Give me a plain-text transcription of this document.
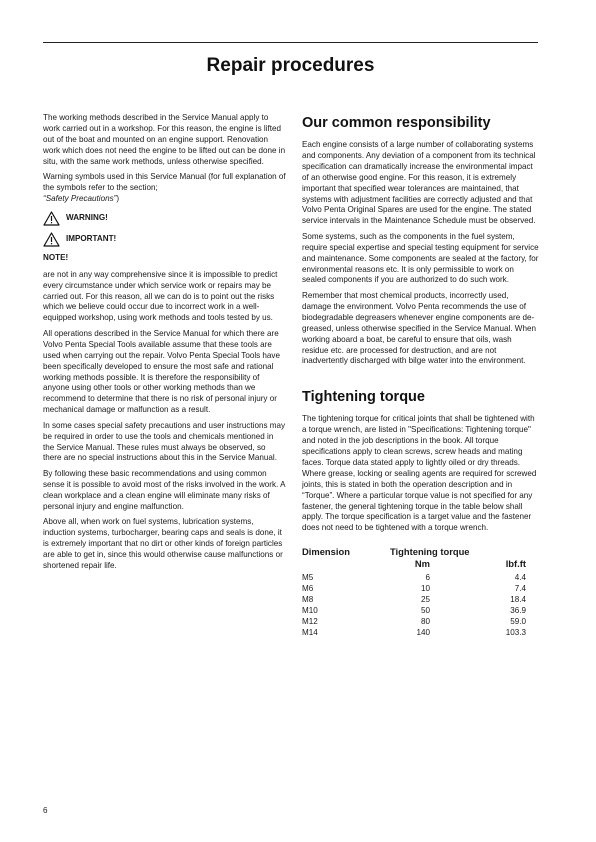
Repair procedures

The working methods described in the Service Manual apply to work carried out in a workshop. For this reason, the engine is lifted out of the boat and mounted on an engine support. Renovation work which does not need the engine to be lifted out can be done in situ, with the same work methods, unless otherwise specified.

Warning symbols used in this Service Manual (for full explanation of the symbols refer to the section;
“Safety Precautions”)

WARNING!
IMPORTANT!
NOTE!

are not in any way comprehensive since it is impossible to predict every circumstance under which service work or repairs may be carried out. For this reason, all we can do is to point out the risks which we believe could occur due to incorrect work in a well-equipped workshop, using work methods and tools tested by us.

All operations described in the Service Manual for which there are Volvo Penta Special Tools available assume that these tools are used when carrying out the repair. Volvo Penta Special Tools have been specifically developed to ensure the most safe and rational working methods possible. It is therefore the responsibility of anyone using other tools or other working methods than we recommend to determine that there is no risk of personal injury or mechanical damage or malfunction as a result.

In some cases special safety precautions and user instructions may be required in order to use the tools and chemicals mentioned in the Service Manual. These rules must always be observed, so there are no special instructions about this in the Service Manual.

By following these basic recommendations and using common sense it is possible to avoid most of the risks involved in the work. A clean workplace and a clean engine will eliminate many risks of personal injury and engine malfunction.

Above all, when work on fuel systems, lubrication systems, induction systems, turbocharger, bearing caps and seals is done, it is extremely important that no dirt or other kinds of foreign particles are able to get in, since this would otherwise cause malfunctions or shortened repair life.

Our common responsibility

Each engine consists of a large number of collaborating systems and components. Any deviation of a component from its technical specification can dramatically increase the environmental impact of an otherwise good engine. For this reason, it is extremely important that specified wear tolerances are maintained, that systems with adjustment facilities are correctly adjusted and that Volvo Penta Original Spares are used for the engine. The stated service intervals in the Maintenance Schedule must be observed.

Some systems, such as the components in the fuel system, require special expertise and special testing equipment for service and maintenance. Some components are sealed at the factory, for environmental reasons etc. It is only permissible to work on sealed components if you are authorized to do such work.

Remember that most chemical products, incorrectly used, damage the environment. Volvo Penta recommends the use of biodegradable degreasers whenever engine components are de-greased, unless otherwise specified in the Service Manual. When working aboard a boat, be careful to ensure that oils, wash residue etc. are processed for destruction, and are not inadvertently discharged with bilge water into the environment.

Tightening torque

The tightening torque for critical joints that shall be tightened with a torque wrench, are listed in "Specifications: Tightening torque" and noted in the job descriptions in the book. All torque specifications apply to clean screws, screw heads and mating faces. Torque data stated apply to lightly oiled or dry threads. Where grease, locking or sealing agents are required for screwed joints, this is stated in both the operation description and in “Torque”. Where a particular torque value is not specified for any fastener, the general tightening torque in the table below shall apply. The torque specification is a target value and the fastener does not need to be tightened with a torque wrench.

Dimension	Tightening torque	
	Nm	lbf.ft
M5	6	4.4
M6	10	7.4
M8	25	18.4
M10	50	36.9
M12	80	59.0
M14	140	103.3
6
